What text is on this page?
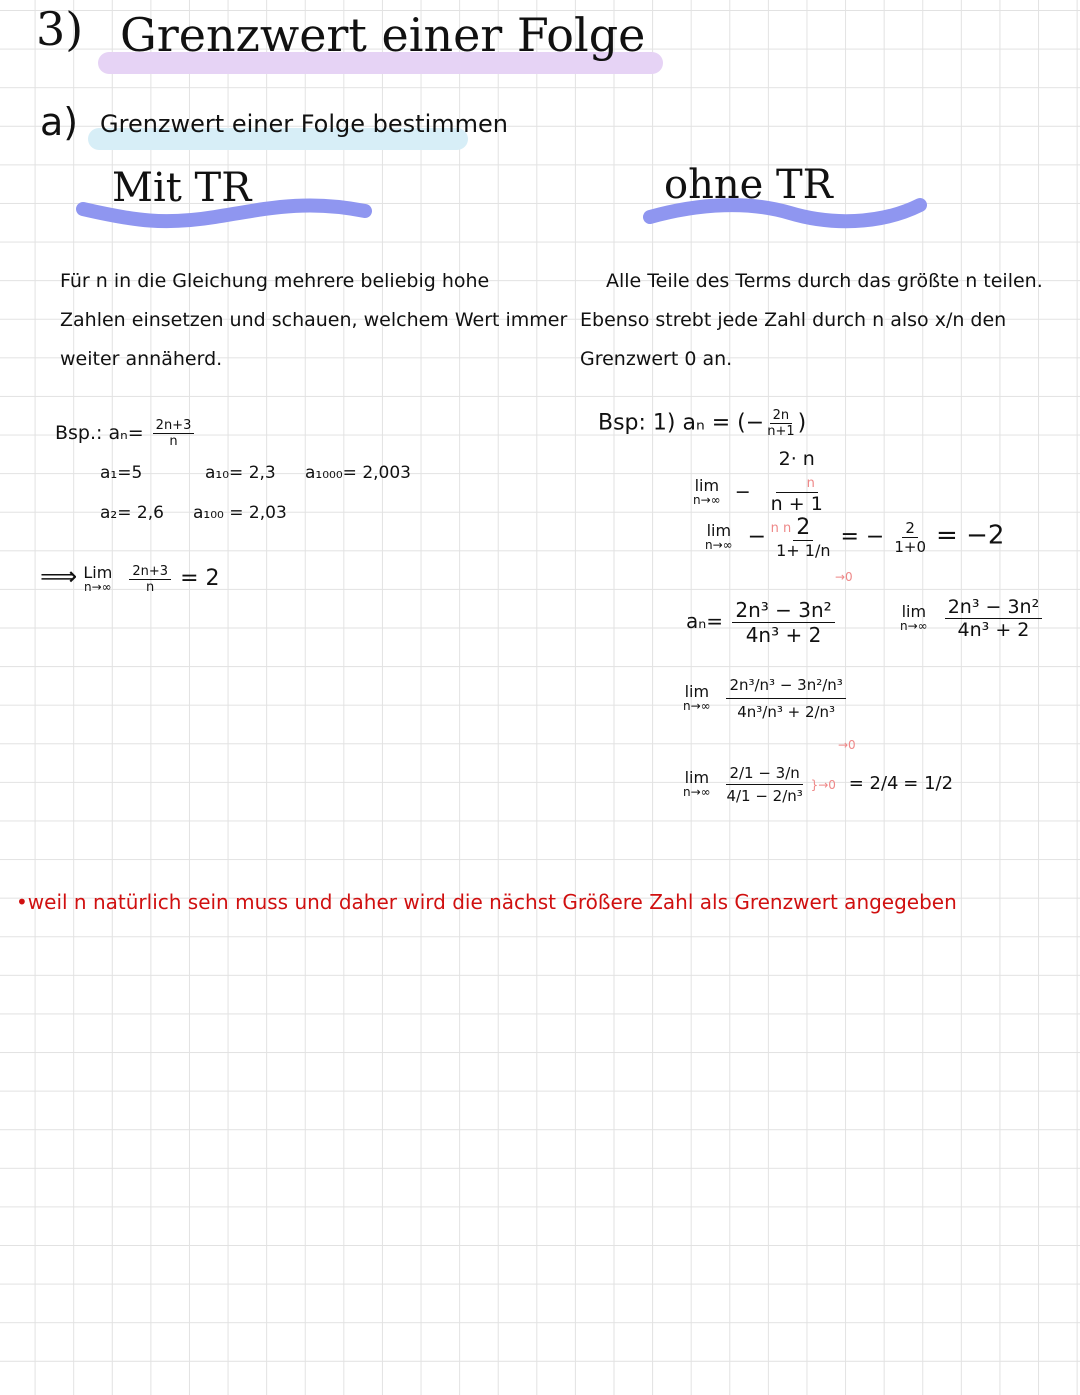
3) Grenzwert einer Folge
a) Grenzwert einer Folge bestimmen
Mit TR	ohne TR
Für n in die Gleichung mehrere beliebig hohe
Zahlen einsetzen und schauen, welchem Wert immer
weiter annäherd.
Alle Teile des Terms durch das größte n teilen.
Ebenso strebt jede Zahl durch n also x/n den
Grenzwert 0 an.
Bsp.: $a_n= \frac{2n+3}{n}$
a₁=5	a₁₀= 2,3 a₁₀₀₀= 2,003
a₂= 2,6 a₁₀₀ = 2,03
⟹ Lim
n→∞
$\frac{2n+3}{n} = 2$
Bsp: 1) aₙ = (− $\frac{2n}{n+1}$ )
lim
n→∞ −
2· n
n
n + 1
n n
lim
$n\to\infty - \frac{2}{1+ 1/n}$ = − $\frac{2}{1+0} = -2$
→0
$a_n= \frac{\text{2n³ − 3n²}}{\text{4n³ + 2}}$	lim
n→∞
$\frac{\text{2n³ − 3n²}}{\text{4n³ + 2}}$
lim
n→∞
$\frac{\text{2n³/n³ − 3n²/n³}}{\text{4n³/n³ + 2/n³}}$
→0
lim
n→∞
$\frac{2/1 - 3/n}{\text{4/1 − 2/n³}} \}\to 0 = 2/4 = 1/2$
•weil n natürlich sein muss und daher wird die nächst Größere Zahl als Grenzwert angegeben
